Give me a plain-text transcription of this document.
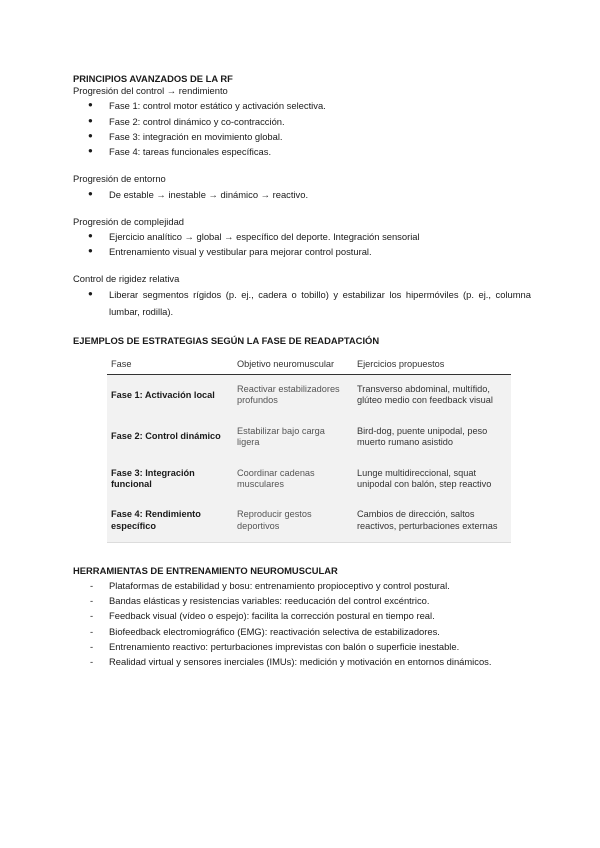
PRINCIPIOS AVANZADOS DE LA RF

Progresión del control → rendimiento

● Fase 1: control motor estático y activación selectiva.
● Fase 2: control dinámico y co-contracción.
● Fase 3: integración en movimiento global.
● Fase 4: tareas funcionales específicas.

Progresión de entorno

● De estable → inestable → dinámico → reactivo.

Progresión de complejidad

● Ejercicio analítico → global → específico del deporte. Integración sensorial
● Entrenamiento visual y vestibular para mejorar control postural.

Control de rigidez relativa

● Liberar segmentos rígidos (p. ej., cadera o tobillo) y estabilizar los hipermóviles (p. ej., columna lumbar, rodilla).

EJEMPLOS DE ESTRATEGIAS SEGÚN LA FASE DE READAPTACIÓN

Fase	Objetivo neuromuscular	Ejercicios propuestos
Fase 1: Activación local	Reactivar estabilizadores profundos	Transverso abdominal, multífido, glúteo medio con feedback visual
Fase 2: Control dinámico	Estabilizar bajo carga ligera	Bird-dog, puente unipodal, peso muerto rumano asistido
Fase 3: Integración funcional	Coordinar cadenas musculares	Lunge multidireccional, squat unipodal con balón, step reactivo
Fase 4: Rendimiento específico	Reproducir gestos deportivos	Cambios de dirección, saltos reactivos, perturbaciones externas

HERRAMIENTAS DE ENTRENAMIENTO NEUROMUSCULAR

- Plataformas de estabilidad y bosu: entrenamiento propioceptivo y control postural.
- Bandas elásticas y resistencias variables: reeducación del control excéntrico.
- Feedback visual (vídeo o espejo): facilita la corrección postural en tiempo real.
- Biofeedback electromiográfico (EMG): reactivación selectiva de estabilizadores.
- Entrenamiento reactivo: perturbaciones imprevistas con balón o superficie inestable.
- Realidad virtual y sensores inerciales (IMUs): medición y motivación en entornos dinámicos.
